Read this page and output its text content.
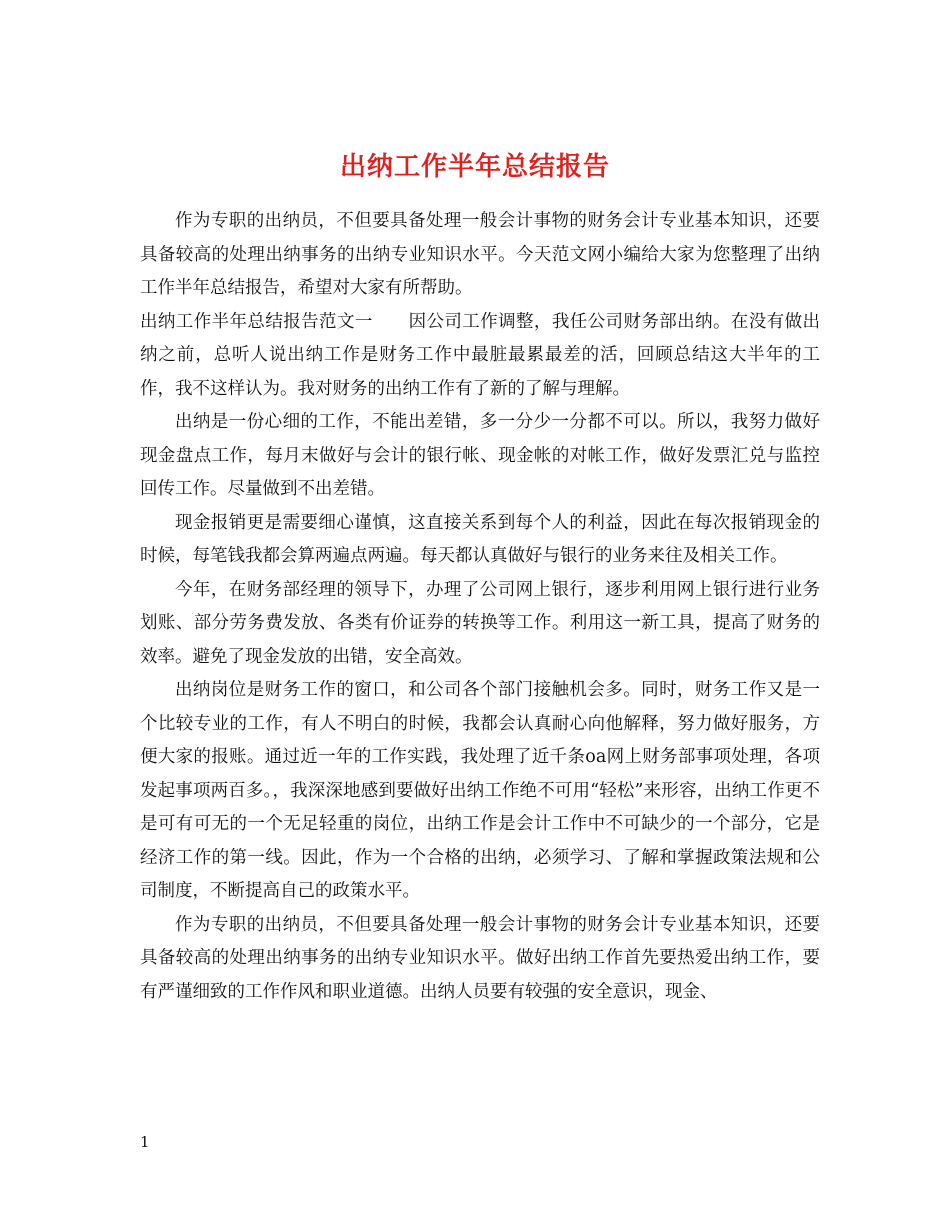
出纳工作半年总结报告

作为专职的出纳员，不但要具备处理一般会计事物的财务会计专业基本知识，还要具备较高的处理出纳事务的出纳专业知识水平。今天范文网小编给大家为您整理了出纳工作半年总结报告，希望对大家有所帮助。

出纳工作半年总结报告范文一　　因公司工作调整，我任公司财务部出纳。在没有做出纳之前，总听人说出纳工作是财务工作中最脏最累最差的活，回顾总结这大半年的工作，我不这样认为。我对财务的出纳工作有了新的了解与理解。

出纳是一份心细的工作，不能出差错，多一分少一分都不可以。所以，我努力做好现金盘点工作，每月末做好与会计的银行帐、现金帐的对帐工作，做好发票汇兑与监控回传工作。尽量做到不出差错。

现金报销更是需要细心谨慎，这直接关系到每个人的利益，因此在每次报销现金的时候，每笔钱我都会算两遍点两遍。每天都认真做好与银行的业务来往及相关工作。

今年，在财务部经理的领导下，办理了公司网上银行，逐步利用网上银行进行业务划账、部分劳务费发放、各类有价证券的转换等工作。利用这一新工具，提高了财务的效率。避免了现金发放的出错，安全高效。

出纳岗位是财务工作的窗口，和公司各个部门接触机会多。同时，财务工作又是一个比较专业的工作，有人不明白的时候，我都会认真耐心向他解释，努力做好服务，方便大家的报账。通过近一年的工作实践，我处理了近千条oa网上财务部事项处理，各项发起事项两百多。，我深深地感到要做好出纳工作绝不可用“轻松”来形容，出纳工作更不是可有可无的一个无足轻重的岗位，出纳工作是会计工作中不可缺少的一个部分，它是经济工作的第一线。因此，作为一个合格的出纳，必须学习、了解和掌握政策法规和公司制度，不断提高自己的政策水平。

作为专职的出纳员，不但要具备处理一般会计事物的财务会计专业基本知识，还要具备较高的处理出纳事务的出纳专业知识水平。做好出纳工作首先要热爱出纳工作，要有严谨细致的工作作风和职业道德。出纳人员要有较强的安全意识，现金、

1
